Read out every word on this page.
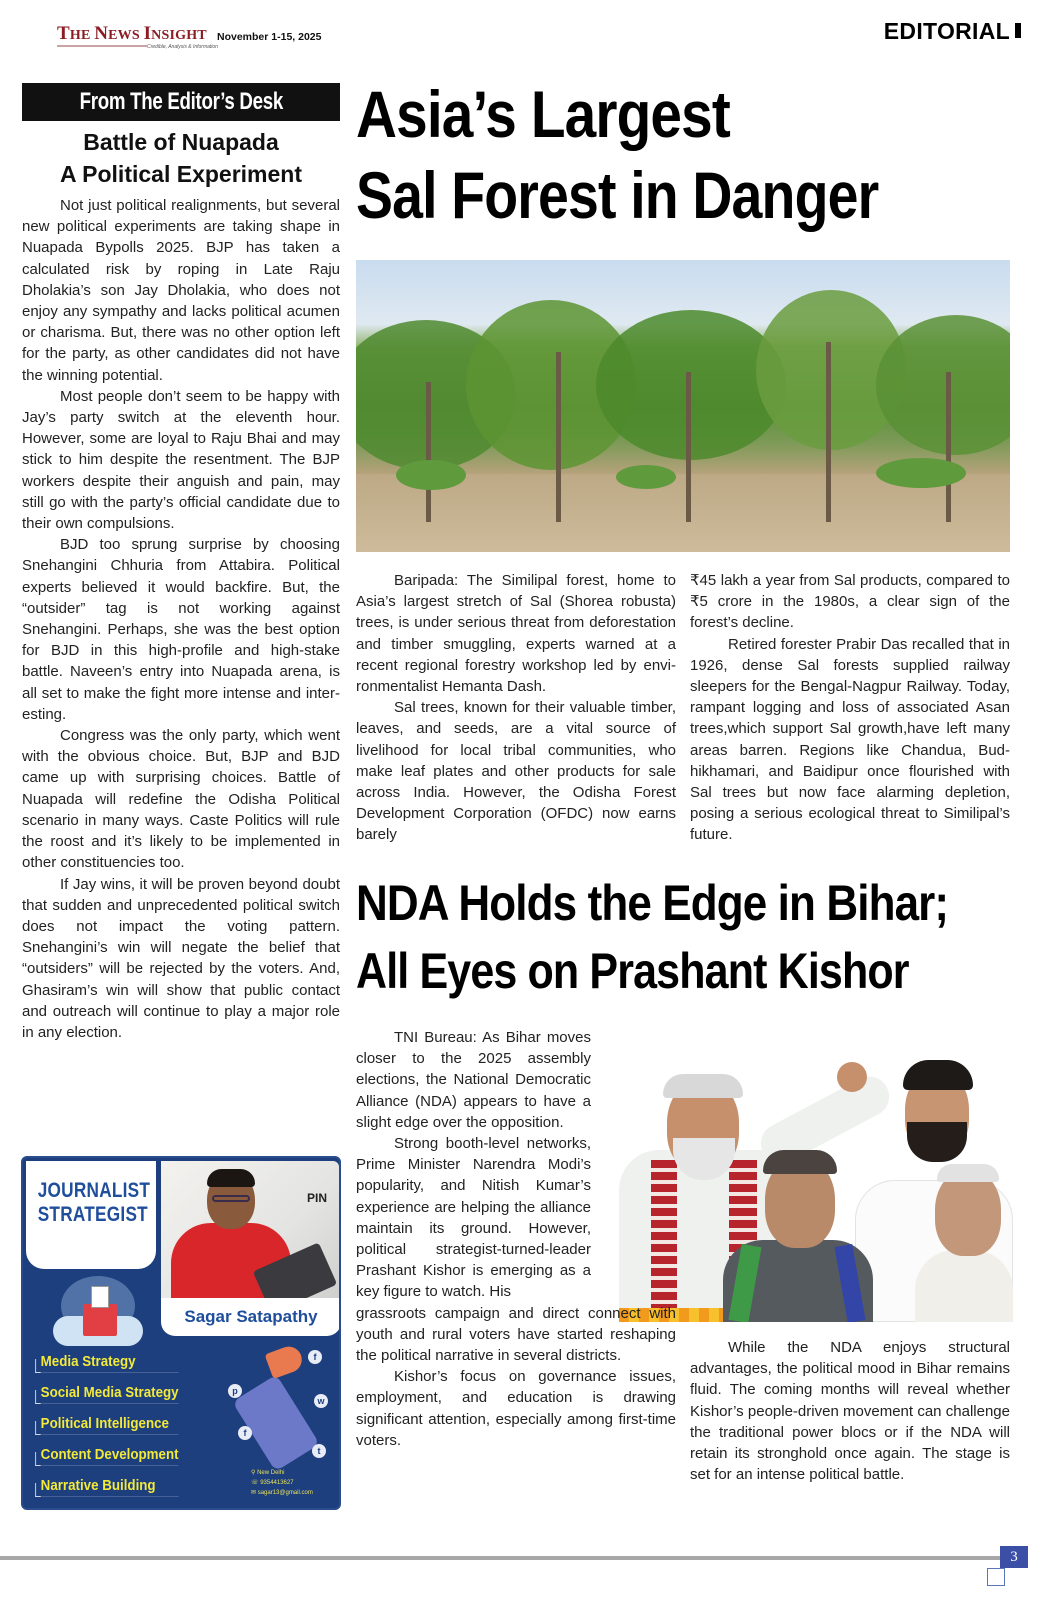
THE NEWS INSIGHT
Credible, Analysis & Information
November 1-15, 2025	EDITORIAL
From The Editor’s Desk
Battle of Nuapada
A Political Experiment

Not just political realignments, but several new political experiments are taking shape in Nuapada Bypolls 2025. BJP has taken a calculated risk by roping in Late Raju Dholakia’s son Jay Dholakia, who does not enjoy any sympathy and lacks political acumen or charisma. But, there was no other option left for the party, as other candidates did not have the winning potential.

Most people don’t seem to be happy with Jay’s party switch at the eleventh hour. However, some are loyal to Raju Bhai and may stick to him despite the resentment. The BJP workers despite their anguish and pain, may still go with the party’s official candidate due to their own compulsions.

BJD too sprung surprise by choosing Snehangini Chhuria from Attabira. Political experts believed it would backfire. But, the “outsider” tag is not working against Snehangini. Perhaps, she was the best option for BJD in this high-profile and high-stake battle. Naveen’s entry into Nuapada arena, is all set to make the fight more intense and interesting.

Congress was the only party, which went with the obvious choice. But, BJP and BJD came up with surprising choices. Battle of Nuapada will redefine the Odisha Political scenario in many ways. Caste Politics will rule the roost and it’s likely to be implemented in other constituencies too.

If Jay wins, it will be proven beyond doubt that sudden and unprecedented political switch does not impact the voting pattern. Snehangini’s win will negate the belief that “outsiders” will be rejected by the voters. And, Ghasiram’s win will show that public contact and outreach will continue to play a major role in any election.

JOURNALIST
STRATEGIST
PIN
Sagar Satapathy
Media Strategy
Social Media Strategy
Political Intelligence
Content Development
Narrative Building
f
p
w
f
t
⚲ New Delhi
☏ 9354413627
✉ sagar13@gmail.com
Asia’s Largest
Sal Forest in Danger

Baripada: The Similipal forest, home to Asia’s largest stretch of Sal (Shorea robusta) trees, is under serious threat from deforestation and timber smuggling, experts warned at a recent regional forestry workshop led by environmentalist Hemanta Dash.

Sal trees, known for their valuable timber, leaves, and seeds, are a vital source of livelihood for local tribal communities, who make leaf plates and other products for sale across India. However, the Odisha Forest Development Corporation (OFDC) now earns barely

₹45 lakh a year from Sal products, compared to ₹5 crore in the 1980s, a clear sign of the forest’s decline.

Retired forester Prabir Das recalled that in 1926, dense Sal forests supplied railway sleepers for the Bengal-Nagpur Railway. Today, rampant logging and loss of associated Asan trees,which support Sal growth,have left many areas barren. Regions like Chandua, Budhikhamari, and Baidipur once flourished with Sal trees but now face alarming depletion, posing a serious ecological threat to Similipal’s future.

NDA Holds the Edge in Bihar;
All Eyes on Prashant Kishor

TNI Bureau: As Bihar moves closer to the 2025 assembly elections, the National Democratic Alliance (NDA) appears to have a slight edge over the opposition.

Strong booth-level networks, Prime Minister Narendra Modi’s popularity, and Nitish Kumar’s experience are helping the alliance maintain its ground. However, political strategist-turned-leader Prashant Kishor is emerging as a key figure to watch. His

grassroots campaign and direct connect with youth and rural voters have started reshaping the political narrative in several districts.

Kishor’s focus on governance issues, employment, and education is drawing significant attention, especially among first-time voters.

While the NDA enjoys structural advantages, the political mood in Bihar remains fluid. The coming months will reveal whether Kishor’s people-driven movement can challenge the traditional power blocs or if the NDA will retain its stronghold once again. The stage is set for an intense political battle.

3
